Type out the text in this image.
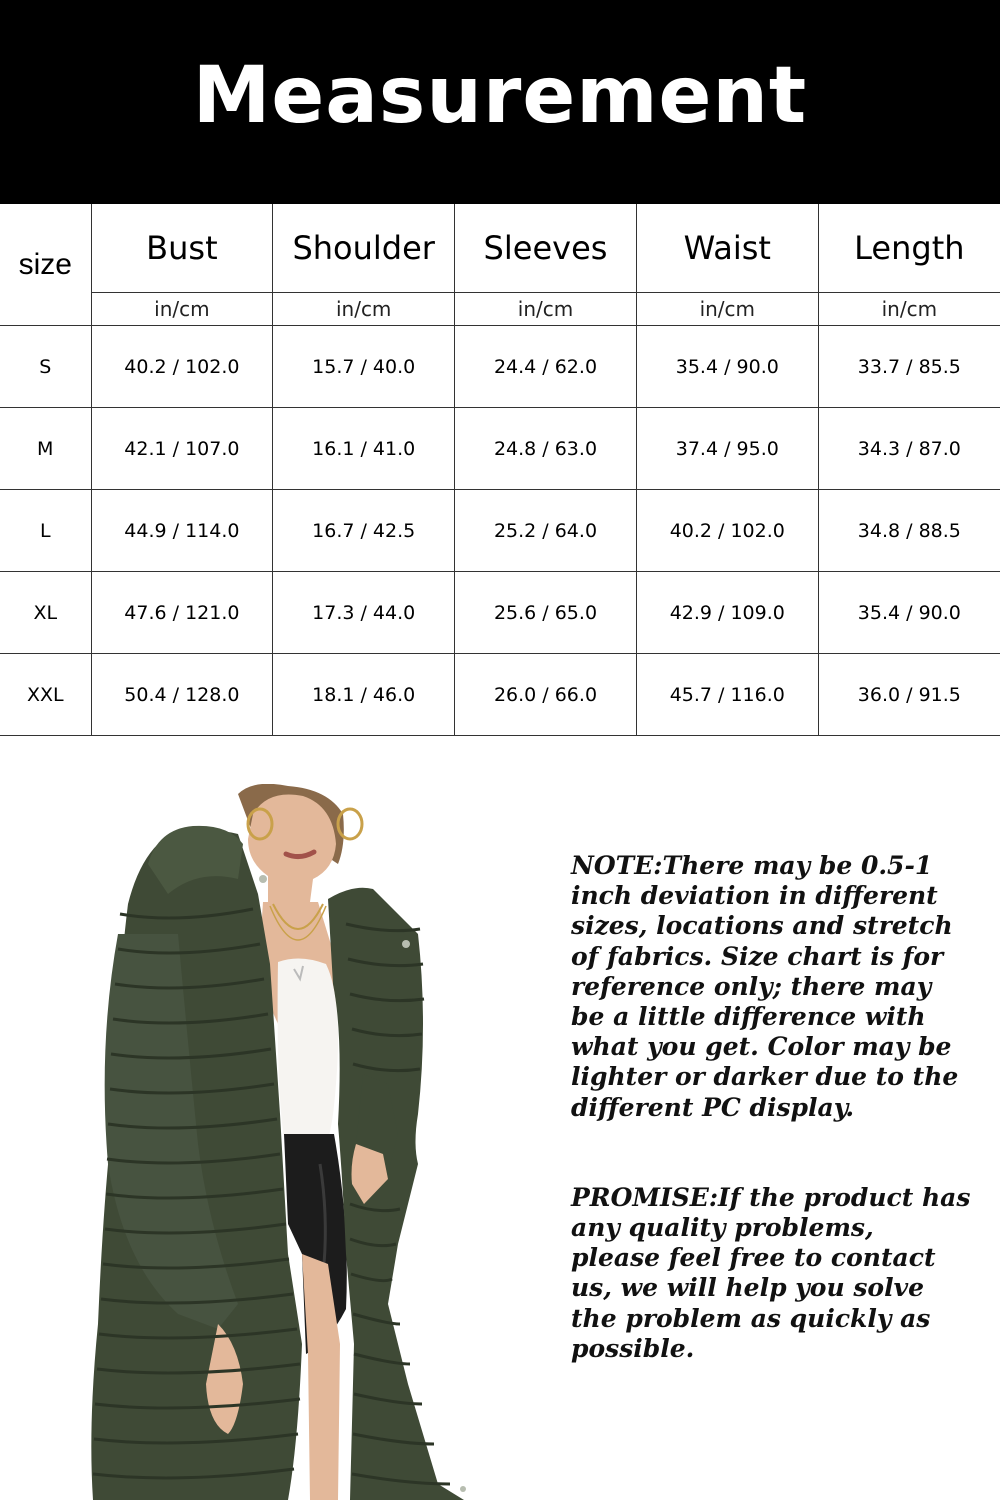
Measurement
size	Bust	Shoulder	Sleeves	Waist	Length
	in/cm	in/cm	in/cm	in/cm	in/cm
S	40.2 / 102.0	15.7 / 40.0	24.4 / 62.0	35.4 / 90.0	33.7 / 85.5
M	42.1 / 107.0	16.1 / 41.0	24.8 / 63.0	37.4 / 95.0	34.3 / 87.0
L	44.9 / 114.0	16.7 / 42.5	25.2 / 64.0	40.2 / 102.0	34.8 / 88.5
XL	47.6 / 121.0	17.3 / 44.0	25.6 / 65.0	42.9 / 109.0	35.4 / 90.0
XXL	50.4 / 128.0	18.1 / 46.0	26.0 / 66.0	45.7 / 116.0	36.0 / 91.5

NOTE:There may be 0.5-1 inch deviation in different sizes, locations and stretch of fabrics. Size chart is for reference only; there may be a little difference with what you get. Color may be lighter or darker due to the different PC display.

PROMISE:If the product has any quality problems, please feel free to contact us, we will help you solve the problem as quickly as possible.
